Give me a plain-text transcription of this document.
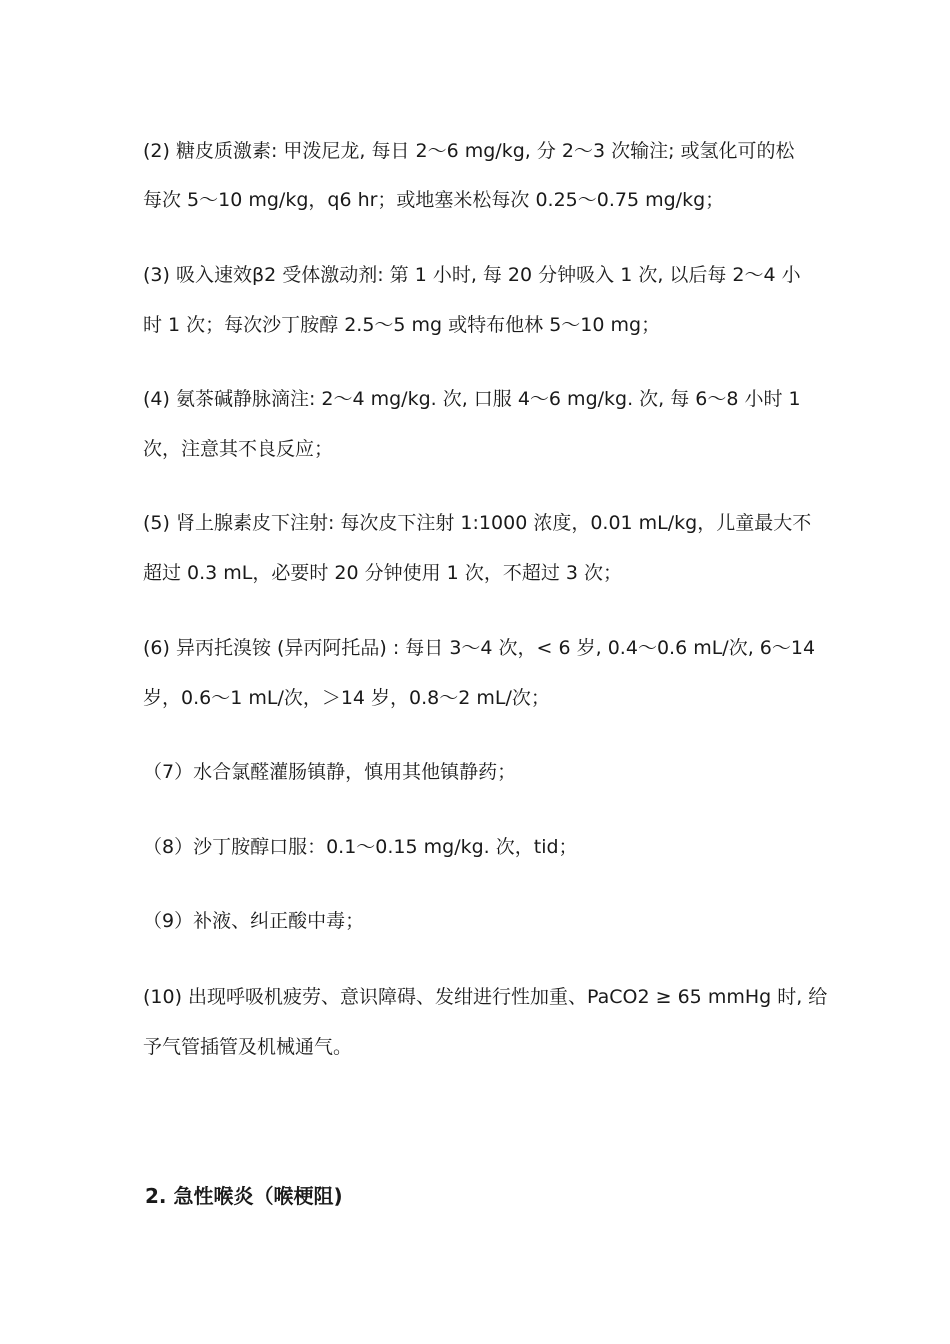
(2) 糖皮质激素: 甲泼尼龙, 每日 2～6 mg/kg, 分 2～3 次输注; 或氢化可的松
每次 5～10 mg/kg，q6 hr；或地塞米松每次 0.25～0.75 mg/kg；
(3) 吸入速效β2 受体激动剂: 第 1 小时, 每 20 分钟吸入 1 次, 以后每 2～4 小
时 1 次；每次沙丁胺醇 2.5～5 mg 或特布他林 5～10 mg；
(4) 氨茶碱静脉滴注: 2～4 mg/kg. 次, 口服 4～6 mg/kg. 次, 每 6～8 小时 1
次，注意其不良反应；
(5) 肾上腺素皮下注射: 每次皮下注射 1:1000 浓度，0.01 mL/kg，儿童最大不
超过 0.3 mL，必要时 20 分钟使用 1 次，不超过 3 次；
(6) 异丙托溴铵 (异丙阿托品) : 每日 3～4 次，< 6 岁, 0.4～0.6 mL/次, 6～14
岁，0.6～1 mL/次，＞14 岁，0.8～2 mL/次；
（7）水合氯醛灌肠镇静，慎用其他镇静药；
（8）沙丁胺醇口服：0.1～0.15 mg/kg. 次，tid；
（9）补液、纠正酸中毒；
(10) 出现呼吸机疲劳、意识障碍、发绀进行性加重、PaCO2 ≥ 65 mmHg 时, 给
予气管插管及机械通气。
2. 急性喉炎（喉梗阻)
